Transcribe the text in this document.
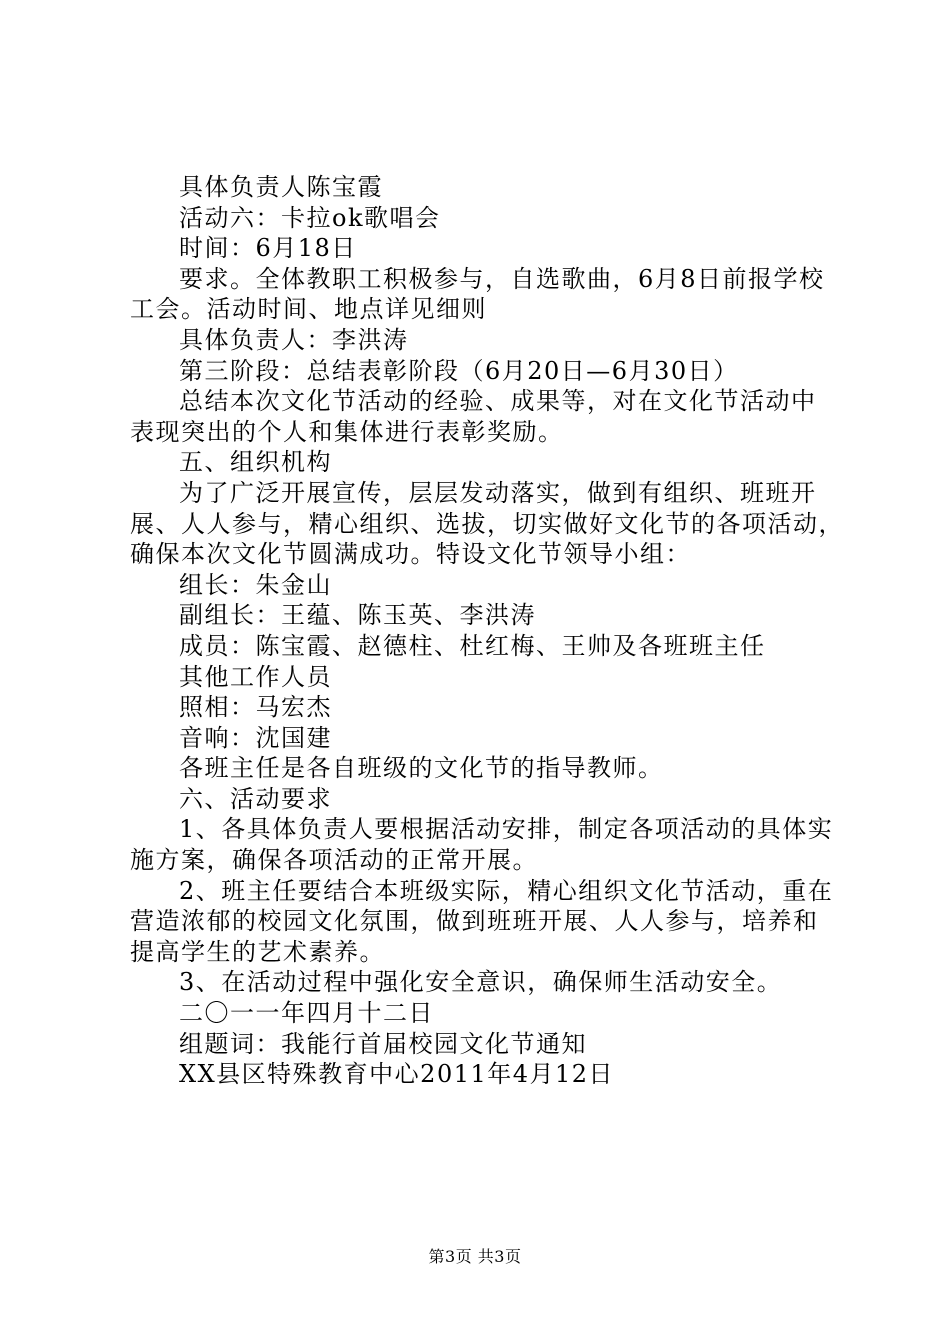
具体负责人陈宝霞
活动六：卡拉ok歌唱会
时间：6月18日
要求。全体教职工积极参与，自选歌曲，6月8日前报学校
工会。活动时间、地点详见细则
具体负责人：李洪涛
第三阶段：总结表彰阶段（6月20日—6月30日）
总结本次文化节活动的经验、成果等，对在文化节活动中
表现突出的个人和集体进行表彰奖励。
五、组织机构
为了广泛开展宣传，层层发动落实，做到有组织、班班开
展、人人参与，精心组织、选拔，切实做好文化节的各项活动，
确保本次文化节圆满成功。特设文化节领导小组：
组长：朱金山
副组长：王蕴、陈玉英、李洪涛
成员：陈宝霞、赵德柱、杜红梅、王帅及各班班主任
其他工作人员
照相：马宏杰
音响：沈国建
各班主任是各自班级的文化节的指导教师。
六、活动要求
1、各具体负责人要根据活动安排，制定各项活动的具体实
施方案，确保各项活动的正常开展。
2、班主任要结合本班级实际，精心组织文化节活动，重在
营造浓郁的校园文化氛围，做到班班开展、人人参与，培养和
提高学生的艺术素养。
3、在活动过程中强化安全意识，确保师生活动安全。
二〇一一年四月十二日
组题词：我能行首届校园文化节通知
XX县区特殊教育中心2011年4月12日
第3页 共3页
